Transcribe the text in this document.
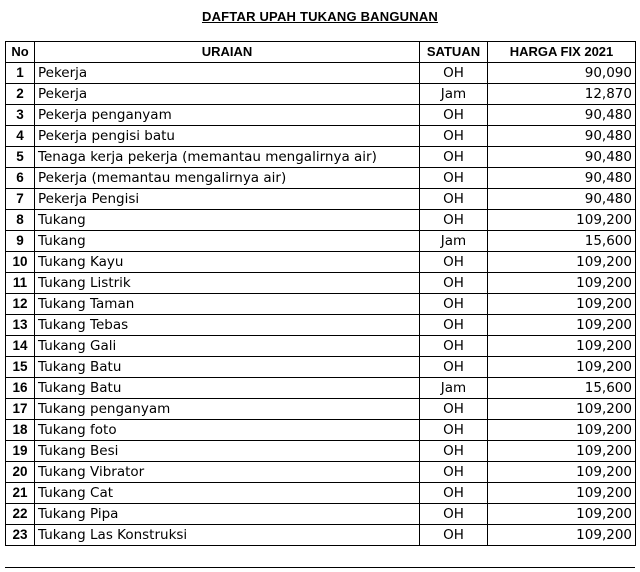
DAFTAR UPAH TUKANG BANGUNAN
No	URAIAN	SATUAN	HARGA FIX 2021
1	Pekerja	OH	90,090
2	Pekerja	Jam	12,870
3	Pekerja penganyam	OH	90,480
4	Pekerja pengisi batu	OH	90,480
5	Tenaga kerja pekerja (memantau mengalirnya air)	OH	90,480
6	Pekerja (memantau mengalirnya air)	OH	90,480
7	Pekerja Pengisi	OH	90,480
8	Tukang	OH	109,200
9	Tukang	Jam	15,600
10	Tukang Kayu	OH	109,200
11	Tukang Listrik	OH	109,200
12	Tukang Taman	OH	109,200
13	Tukang Tebas	OH	109,200
14	Tukang Gali	OH	109,200
15	Tukang Batu	OH	109,200
16	Tukang Batu	Jam	15,600
17	Tukang penganyam	OH	109,200
18	Tukang foto	OH	109,200
19	Tukang Besi	OH	109,200
20	Tukang Vibrator	OH	109,200
21	Tukang Cat	OH	109,200
22	Tukang Pipa	OH	109,200
23	Tukang Las Konstruksi	OH	109,200
